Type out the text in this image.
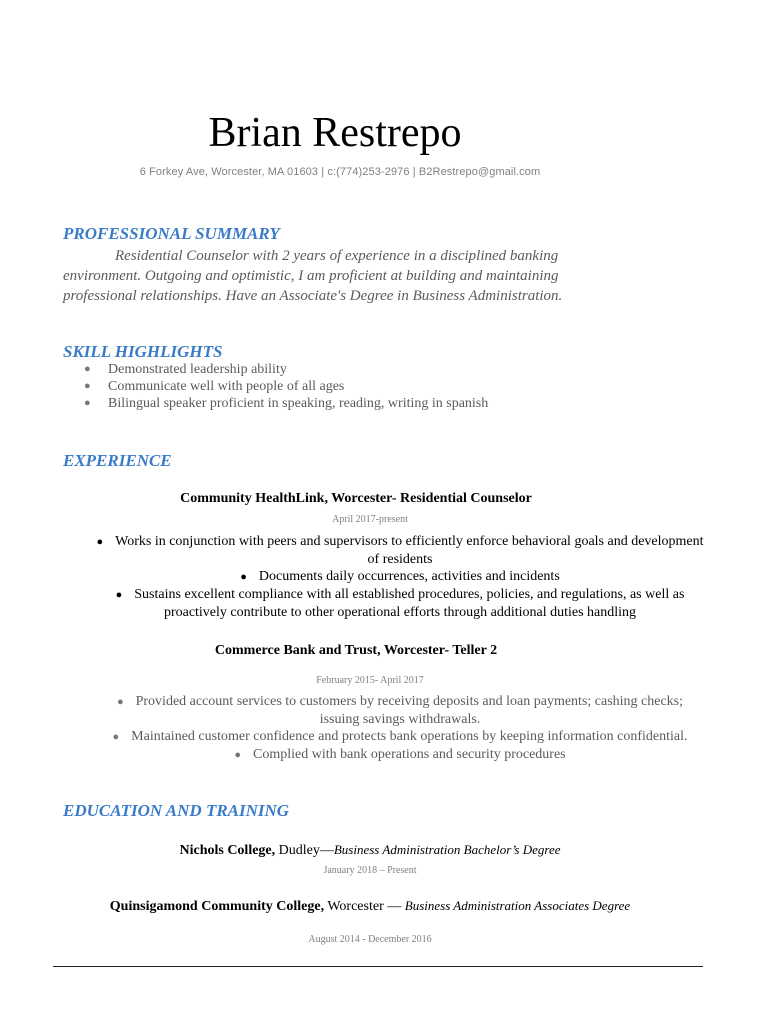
Brian Restrepo
6 Forkey Ave, Worcester, MA 01603 | c:(774)253-2976 | B2Restrepo@gmail.com
PROFESSIONAL SUMMARY
Residential Counselor with 2 years of experience in a disciplined banking
environment. Outgoing and optimistic, I am proficient at building and maintaining
professional relationships. Have an Associate's Degree in Business Administration.
SKILL HIGHLIGHTS
● Demonstrated leadership ability
● Communicate well with people of all ages
● Bilingual speaker proficient in speaking, reading, writing in spanish
EXPERIENCE
Community HealthLink, Worcester- Residential Counselor
April 2017-present
● Works in conjunction with peers and supervisors to efficiently enforce behavioral goals and development
of residents
● Documents daily occurrences, activities and incidents
● Sustains excellent compliance with all established procedures, policies, and regulations, as well as
proactively contribute to other operational efforts through additional duties handling
Commerce Bank and Trust, Worcester- Teller 2
February 2015- April 2017
● Provided account services to customers by receiving deposits and loan payments; cashing checks;
issuing savings withdrawals.
● Maintained customer confidence and protects bank operations by keeping information confidential.
● Complied with bank operations and security procedures
EDUCATION AND TRAINING
Nichols College, Dudley—Business Administration Bachelor’s Degree
January 2018 – Present
Quinsigamond Community College, Worcester — Business Administration Associates Degree
August 2014 - December 2016
